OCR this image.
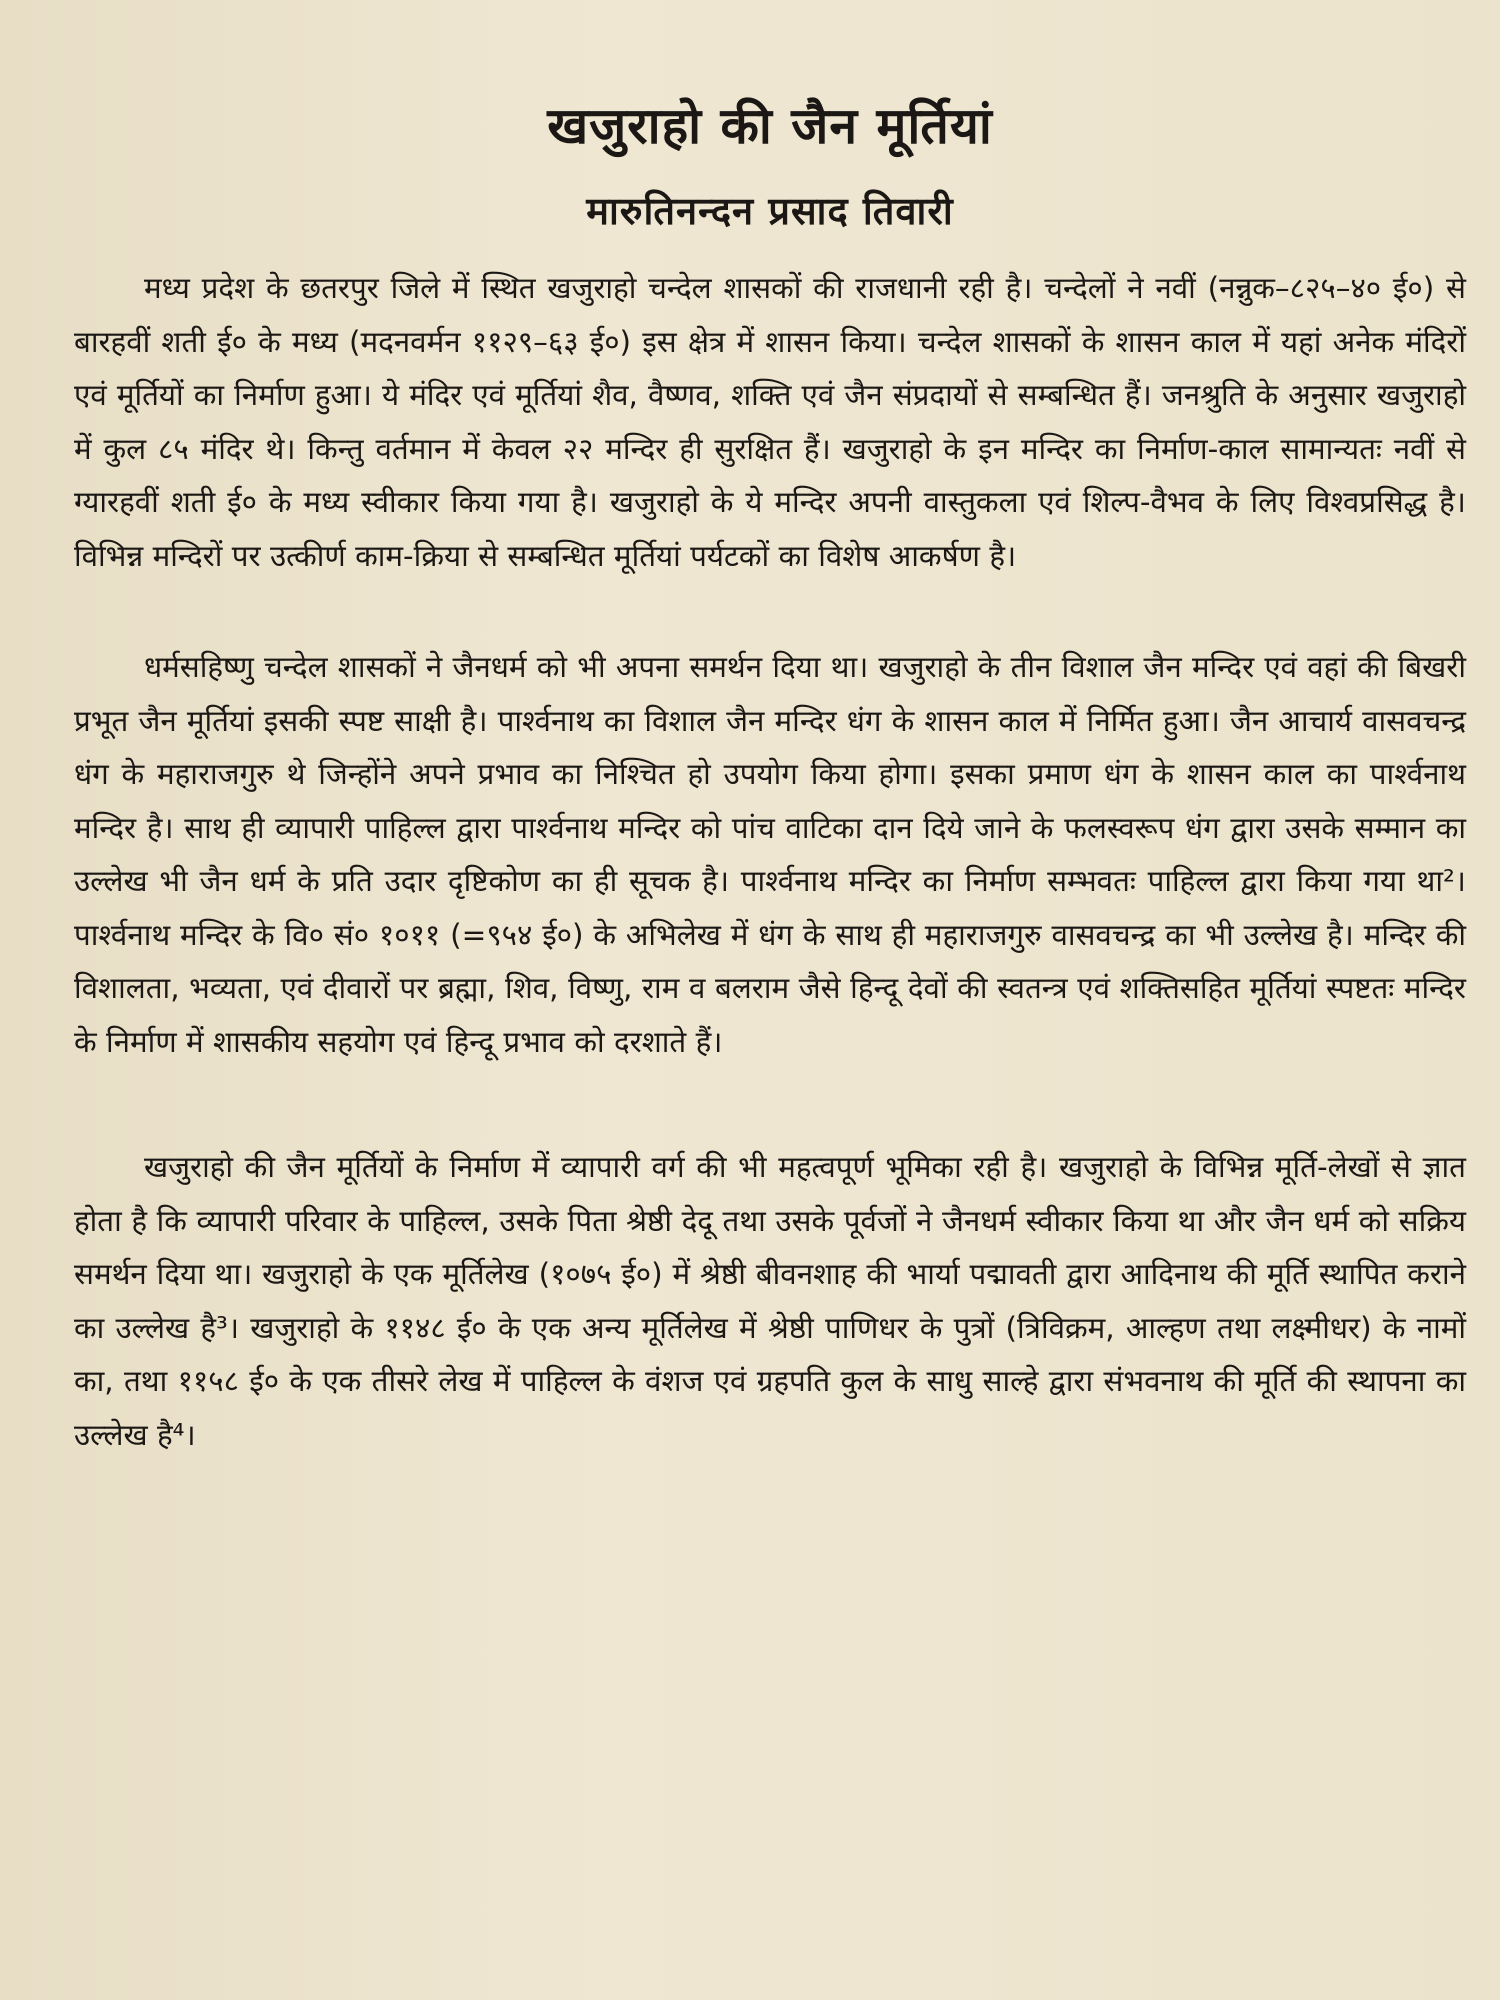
खजुराहो की जैन मूर्तियां
मारुतिनन्दन प्रसाद तिवारी

मध्य प्रदेश के छतरपुर जिले में स्थित खजुराहो चन्देल शासकों की राजधानी रही है। चन्देलों ने नवीं (नन्नुक–८२५–४० ई०) से बारहवीं शती ई० के मध्य (मदनवर्मन ११२९–६३ ई०) इस क्षेत्र में शासन किया। चन्देल शासकों के शासन काल में यहां अनेक मंदिरों एवं मूर्तियों का निर्माण हुआ। ये मंदिर एवं मूर्तियां शैव, वैष्णव, शक्ति एवं जैन संप्रदायों से सम्बन्धित हैं। जनश्रुति के अनुसार खजुराहो में कुल ८५ मंदिर थे। किन्तु वर्तमान में केवल २२ मन्दिर ही सुरक्षित हैं। खजुराहो के इन मन्दिर का निर्माण-काल सामान्यतः नवीं से ग्यारहवीं शती ई० के मध्य स्वीकार किया गया है। खजुराहो के ये मन्दिर अपनी वास्तुकला एवं शिल्प-वैभव के लिए विश्वप्रसिद्ध है। विभिन्न मन्दिरों पर उत्कीर्ण काम-क्रिया से सम्बन्धित मूर्तियां पर्यटकों का विशेष आकर्षण है।

धर्मसहिष्णु चन्देल शासकों ने जैनधर्म को भी अपना समर्थन दिया था। खजुराहो के तीन विशाल जैन मन्दिर एवं वहां की बिखरी प्रभूत जैन मूर्तियां इसकी स्पष्ट साक्षी है। पार्श्वनाथ का विशाल जैन मन्दिर धंग के शासन काल में निर्मित हुआ। जैन आचार्य वासवचन्द्र धंग के महाराजगुरु थे जिन्होंने अपने प्रभाव का निश्चित हो उपयोग किया होगा। इसका प्रमाण धंग के शासन काल का पार्श्वनाथ मन्दिर है। साथ ही व्यापारी पाहिल्ल द्वारा पार्श्वनाथ मन्दिर को पांच वाटिका दान दिये जाने के फलस्वरूप धंग द्वारा उसके सम्मान का उल्लेख भी जैन धर्म के प्रति उदार दृष्टिकोण का ही सूचक है। पार्श्वनाथ मन्दिर का निर्माण सम्भवतः पाहिल्ल द्वारा किया गया था²। पार्श्वनाथ मन्दिर के वि० सं० १०११ (=९५४ ई०) के अभिलेख में धंग के साथ ही महाराजगुरु वासवचन्द्र का भी उल्लेख है। मन्दिर की विशालता, भव्यता, एवं दीवारों पर ब्रह्मा, शिव, विष्णु, राम व बलराम जैसे हिन्दू देवों की स्वतन्त्र एवं शक्तिसहित मूर्तियां स्पष्टतः मन्दिर के निर्माण में शासकीय सहयोग एवं हिन्दू प्रभाव को दरशाते हैं।

खजुराहो की जैन मूर्तियों के निर्माण में व्यापारी वर्ग की भी महत्वपूर्ण भूमिका रही है। खजुराहो के विभिन्न मूर्ति-लेखों से ज्ञात होता है कि व्यापारी परिवार के पाहिल्ल, उसके पिता श्रेष्ठी देदू तथा उसके पूर्वजों ने जैनधर्म स्वीकार किया था और जैन धर्म को सक्रिय समर्थन दिया था। खजुराहो के एक मूर्तिलेख (१०७५ ई०) में श्रेष्ठी बीवनशाह की भार्या पद्मावती द्वारा आदिनाथ की मूर्ति स्थापित कराने का उल्लेख है³। खजुराहो के ११४८ ई० के एक अन्य मूर्तिलेख में श्रेष्ठी पाणिधर के पुत्रों (त्रिविक्रम, आल्हण तथा लक्ष्मीधर) के नामों का, तथा ११५८ ई० के एक तीसरे लेख में पाहिल्ल के वंशज एवं ग्रहपति कुल के साधु साल्हे द्वारा संभवनाथ की मूर्ति की स्थापना का उल्लेख है⁴।
